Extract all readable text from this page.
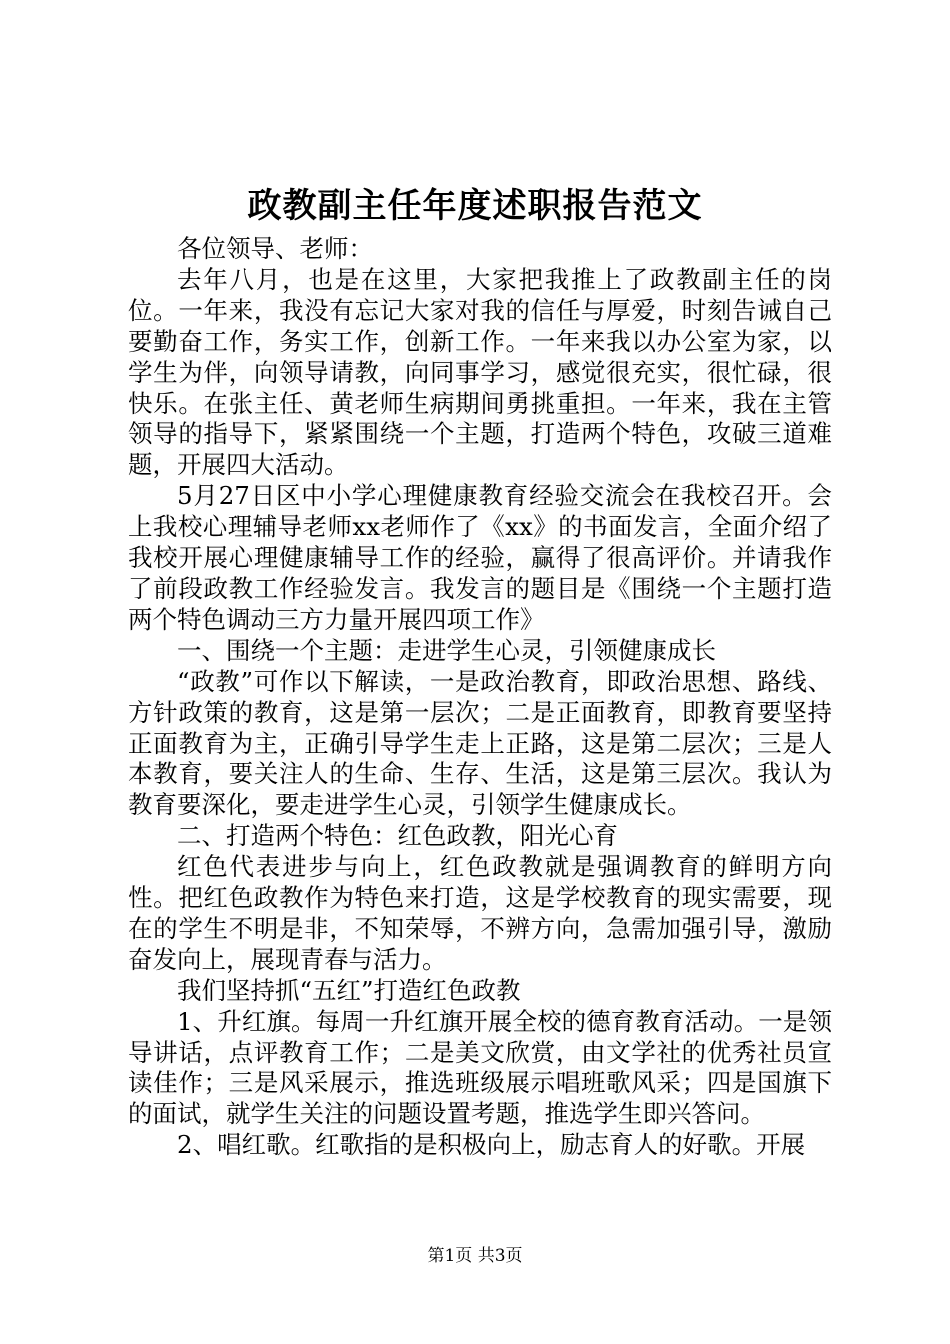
政教副主任年度述职报告范文

各位领导、老师：

去年八月，也是在这里，大家把我推上了政教副主任的岗位。一年来，我没有忘记大家对我的信任与厚爱，时刻告诫自己要勤奋工作，务实工作，创新工作。一年来我以办公室为家，以学生为伴，向领导请教，向同事学习，感觉很充实，很忙碌，很快乐。在张主任、黄老师生病期间勇挑重担。一年来，我在主管领导的指导下，紧紧围绕一个主题，打造两个特色，攻破三道难题，开展四大活动。

5月27日区中小学心理健康教育经验交流会在我校召开。会上我校心理辅导老师xx老师作了《xx》的书面发言，全面介绍了我校开展心理健康辅导工作的经验，赢得了很高评价。并请我作了前段政教工作经验发言。我发言的题目是《围绕一个主题打造两个特色调动三方力量开展四项工作》

一、围绕一个主题：走进学生心灵，引领健康成长

“政教”可作以下解读，一是政治教育，即政治思想、路线、方针政策的教育，这是第一层次；二是正面教育，即教育要坚持正面教育为主，正确引导学生走上正路，这是第二层次；三是人本教育，要关注人的生命、生存、生活，这是第三层次。我认为教育要深化，要走进学生心灵，引领学生健康成长。

二、打造两个特色：红色政教，阳光心育

红色代表进步与向上，红色政教就是强调教育的鲜明方向性。把红色政教作为特色来打造，这是学校教育的现实需要，现在的学生不明是非，不知荣辱，不辨方向，急需加强引导，激励奋发向上，展现青春与活力。

我们坚持抓“五红”打造红色政教

1、升红旗。每周一升红旗开展全校的德育教育活动。一是领导讲话，点评教育工作；二是美文欣赏，由文学社的优秀社员宣读佳作；三是风采展示，推选班级展示唱班歌风采；四是国旗下的面试，就学生关注的问题设置考题，推选学生即兴答问。

2、唱红歌。红歌指的是积极向上，励志育人的好歌。开展

第1页 共3页
